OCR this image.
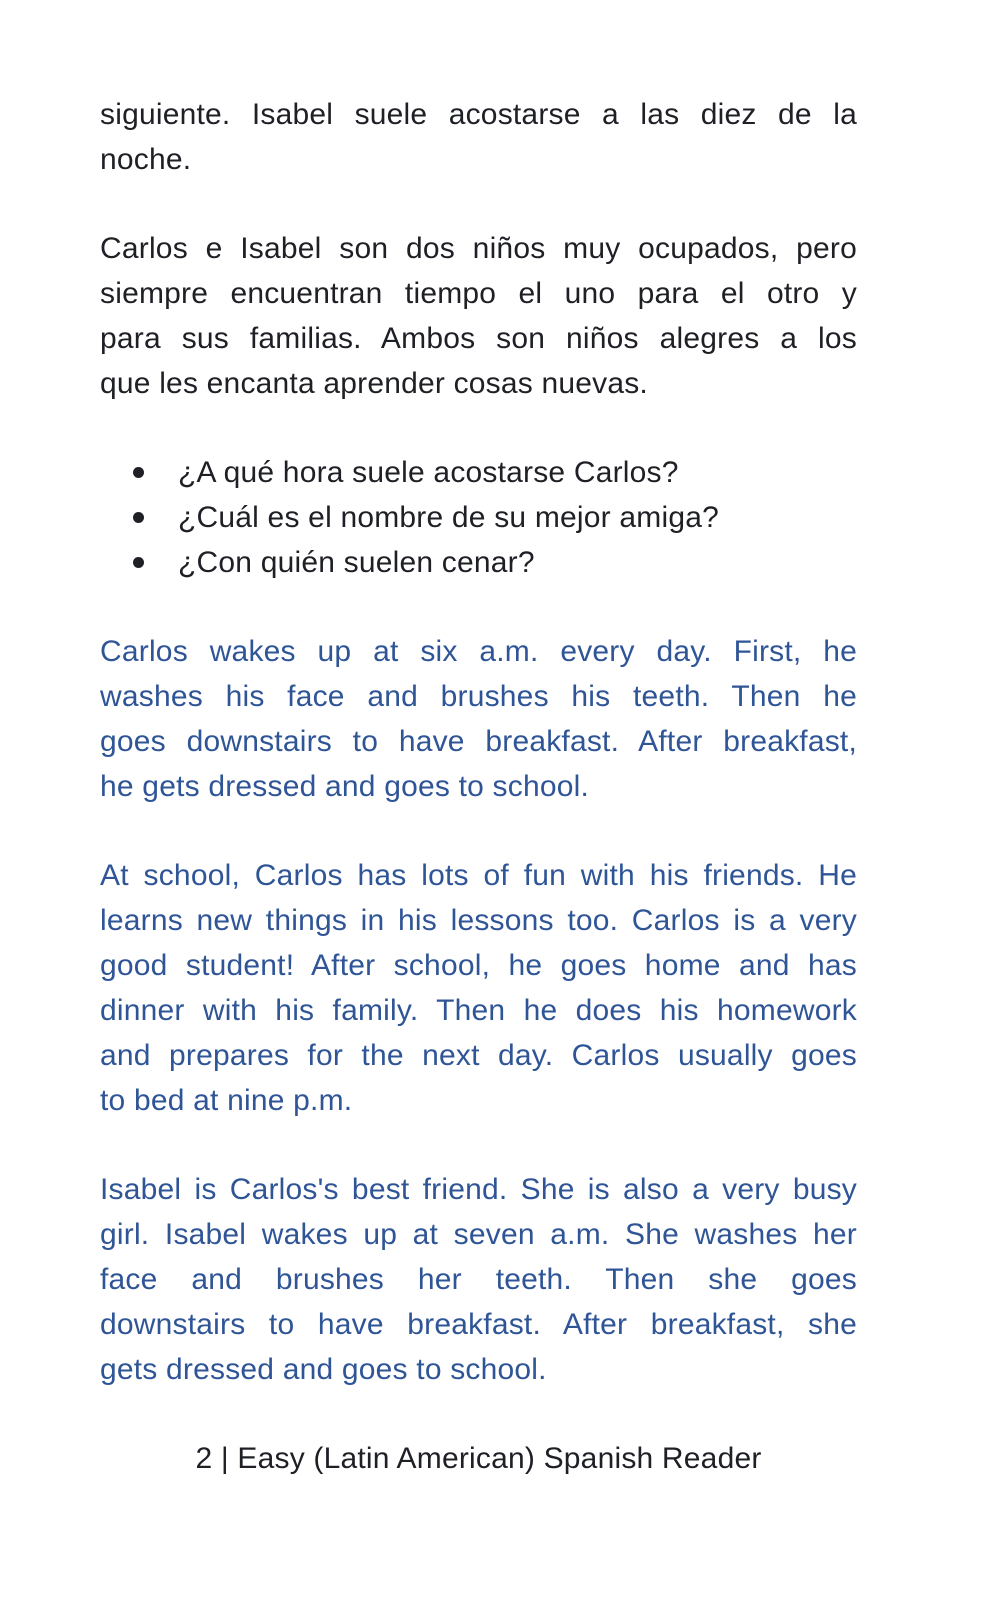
siguiente. Isabel suele acostarse a las diez de la
noche.
Carlos e Isabel son dos niños muy ocupados, pero
siempre encuentran tiempo el uno para el otro y
para sus familias. Ambos son niños alegres a los
que les encanta aprender cosas nuevas.
¿A qué hora suele acostarse Carlos?
¿Cuál es el nombre de su mejor amiga?
¿Con quién suelen cenar?
Carlos wakes up at six a.m. every day. First, he
washes his face and brushes his teeth. Then he
goes downstairs to have breakfast. After breakfast,
he gets dressed and goes to school.
At school, Carlos has lots of fun with his friends. He
learns new things in his lessons too. Carlos is a very
good student! After school, he goes home and has
dinner with his family. Then he does his homework
and prepares for the next day. Carlos usually goes
to bed at nine p.m.
Isabel is Carlos's best friend. She is also a very busy
girl. Isabel wakes up at seven a.m. She washes her
face and brushes her teeth. Then she goes
downstairs to have breakfast. After breakfast, she
gets dressed and goes to school.
2 | Easy (Latin American) Spanish Reader
